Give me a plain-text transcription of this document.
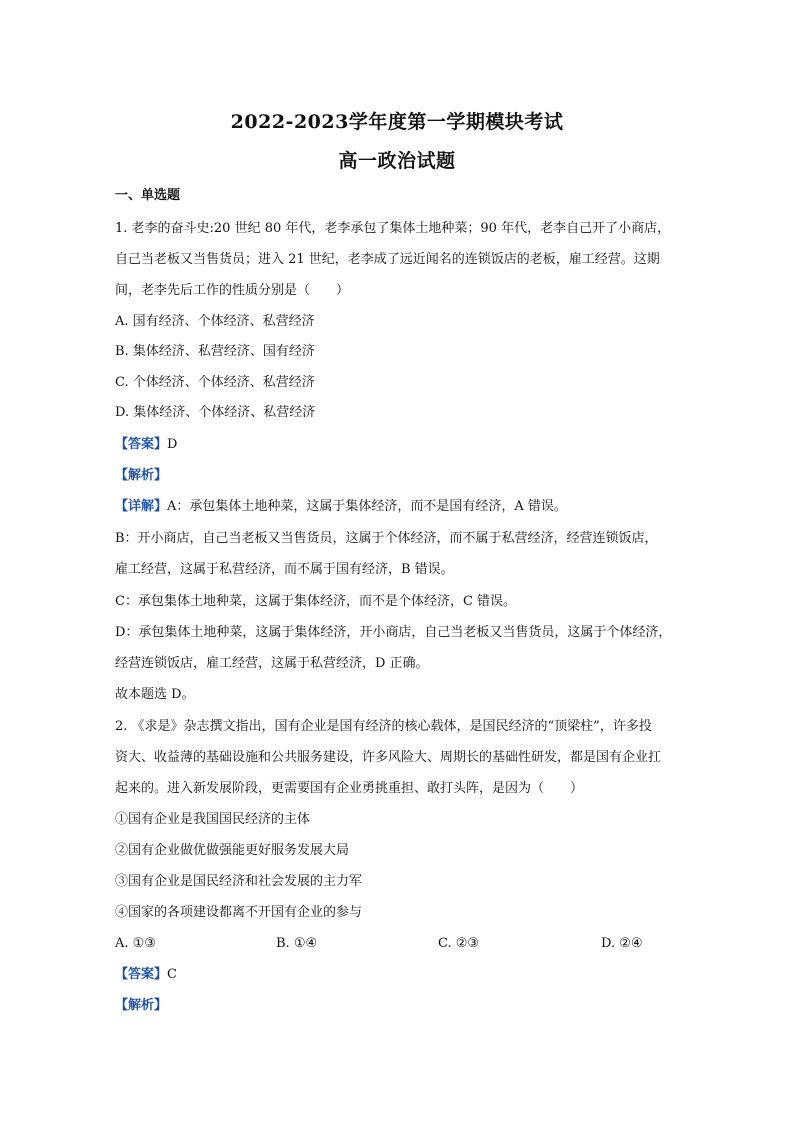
2022-2023学年度第一学期模块考试
高一政治试题
一、单选题
1. 老李的奋斗史:20 世纪 80 年代，老李承包了集体土地种菜；90 年代，老李自己开了小商店，
自己当老板又当售货员；进入 21 世纪，老李成了远近闻名的连锁饭店的老板，雇工经营。这期
间，老李先后工作的性质分别是（　　）
A. 国有经济、个体经济、私营经济
B. 集体经济、私营经济、国有经济
C. 个体经济、个体经济、私营经济
D. 集体经济、个体经济、私营经济
【答案】D
【解析】
【详解】A：承包集体土地种菜，这属于集体经济，而不是国有经济，A 错误。
B：开小商店，自己当老板又当售货员，这属于个体经济，而不属于私营经济，经营连锁饭店，
雇工经营，这属于私营经济，而不属于国有经济，B 错误。
C：承包集体土地种菜，这属于集体经济，而不是个体经济，C 错误。
D：承包集体土地种菜，这属于集体经济，开小商店，自己当老板又当售货员，这属于个体经济，
经营连锁饭店，雇工经营，这属于私营经济，D 正确。
故本题选 D。
2. 《求是》杂志撰文指出，国有企业是国有经济的核心载体，是国民经济的“顶梁柱”，许多投
资大、收益薄的基础设施和公共服务建设，许多风险大、周期长的基础性研发，都是国有企业扛
起来的。进入新发展阶段，更需要国有企业勇挑重担、敢打头阵，是因为（　　）
①国有企业是我国国民经济的主体
②国有企业做优做强能更好服务发展大局
③国有企业是国民经济和社会发展的主力军
④国家的各项建设都离不开国有企业的参与
A. ①③	B. ①④	C. ②③	D. ②④
【答案】C
【解析】
